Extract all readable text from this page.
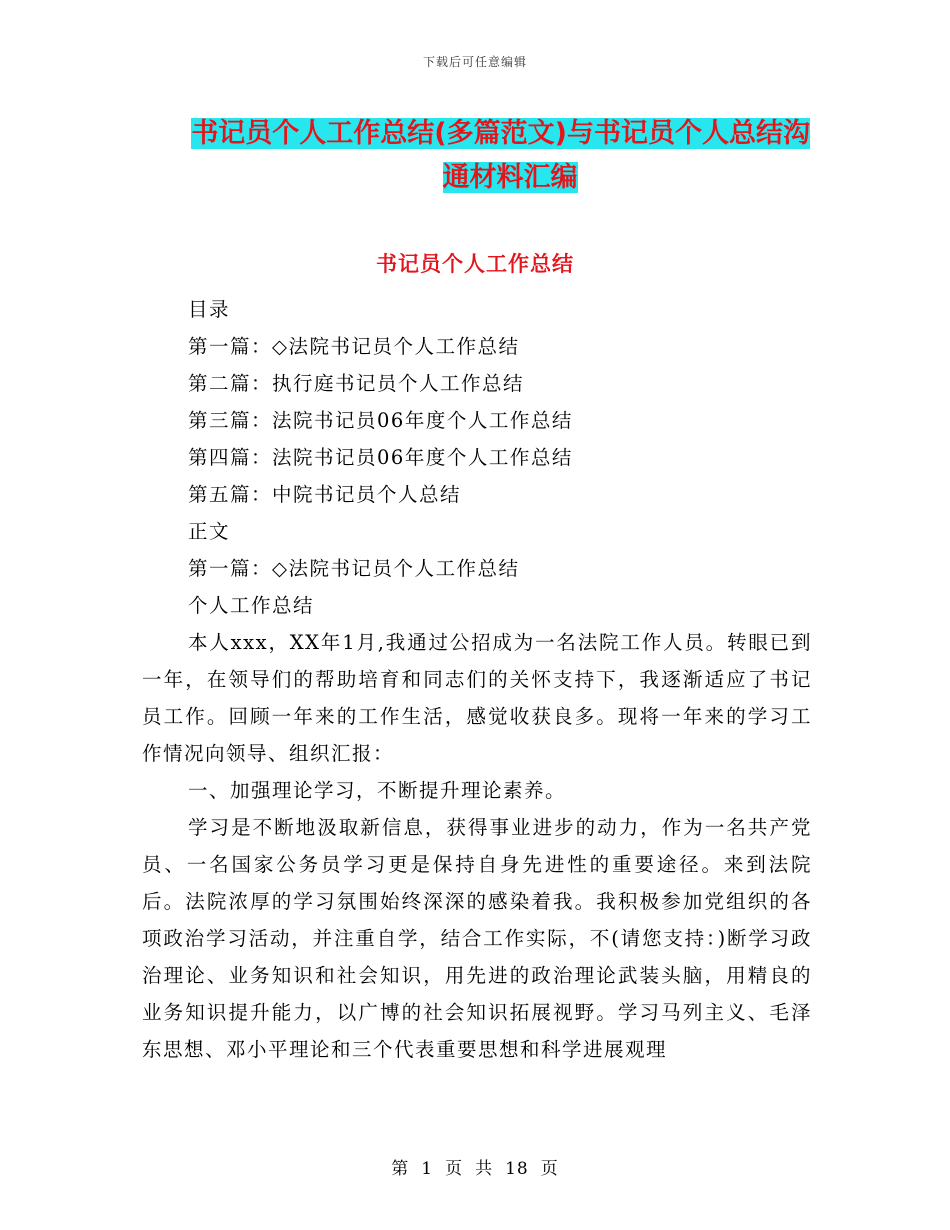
下载后可任意编辑
书记员个人工作总结(多篇范文)与书记员个人总结沟
通材料汇编
书记员个人工作总结
目录
第一篇：◇法院书记员个人工作总结
第二篇：执行庭书记员个人工作总结
第三篇：法院书记员06年度个人工作总结
第四篇：法院书记员06年度个人工作总结
第五篇：中院书记员个人总结
正文
第一篇：◇法院书记员个人工作总结
个人工作总结
本人xxx，XX年1月,我通过公招成为一名法院工作人员。转眼已到一年，在领导们的帮助培育和同志们的关怀支持下，我逐渐适应了书记员工作。回顾一年来的工作生活，感觉收获良多。现将一年来的学习工作情况向领导、组织汇报：
一、加强理论学习，不断提升理论素养。
学习是不断地汲取新信息，获得事业进步的动力，作为一名共产党员、一名国家公务员学习更是保持自身先进性的重要途径。来到法院后。法院浓厚的学习氛围始终深深的感染着我。我积极参加党组织的各项政治学习活动，并注重自学，结合工作实际，不(请您支持：)断学习政治理论、业务知识和社会知识，用先进的政治理论武装头脑，用精良的业务知识提升能力，以广博的社会知识拓展视野。学习马列主义、毛泽东思想、邓小平理论和三个代表重要思想和科学进展观理
第 1 页 共 18 页
